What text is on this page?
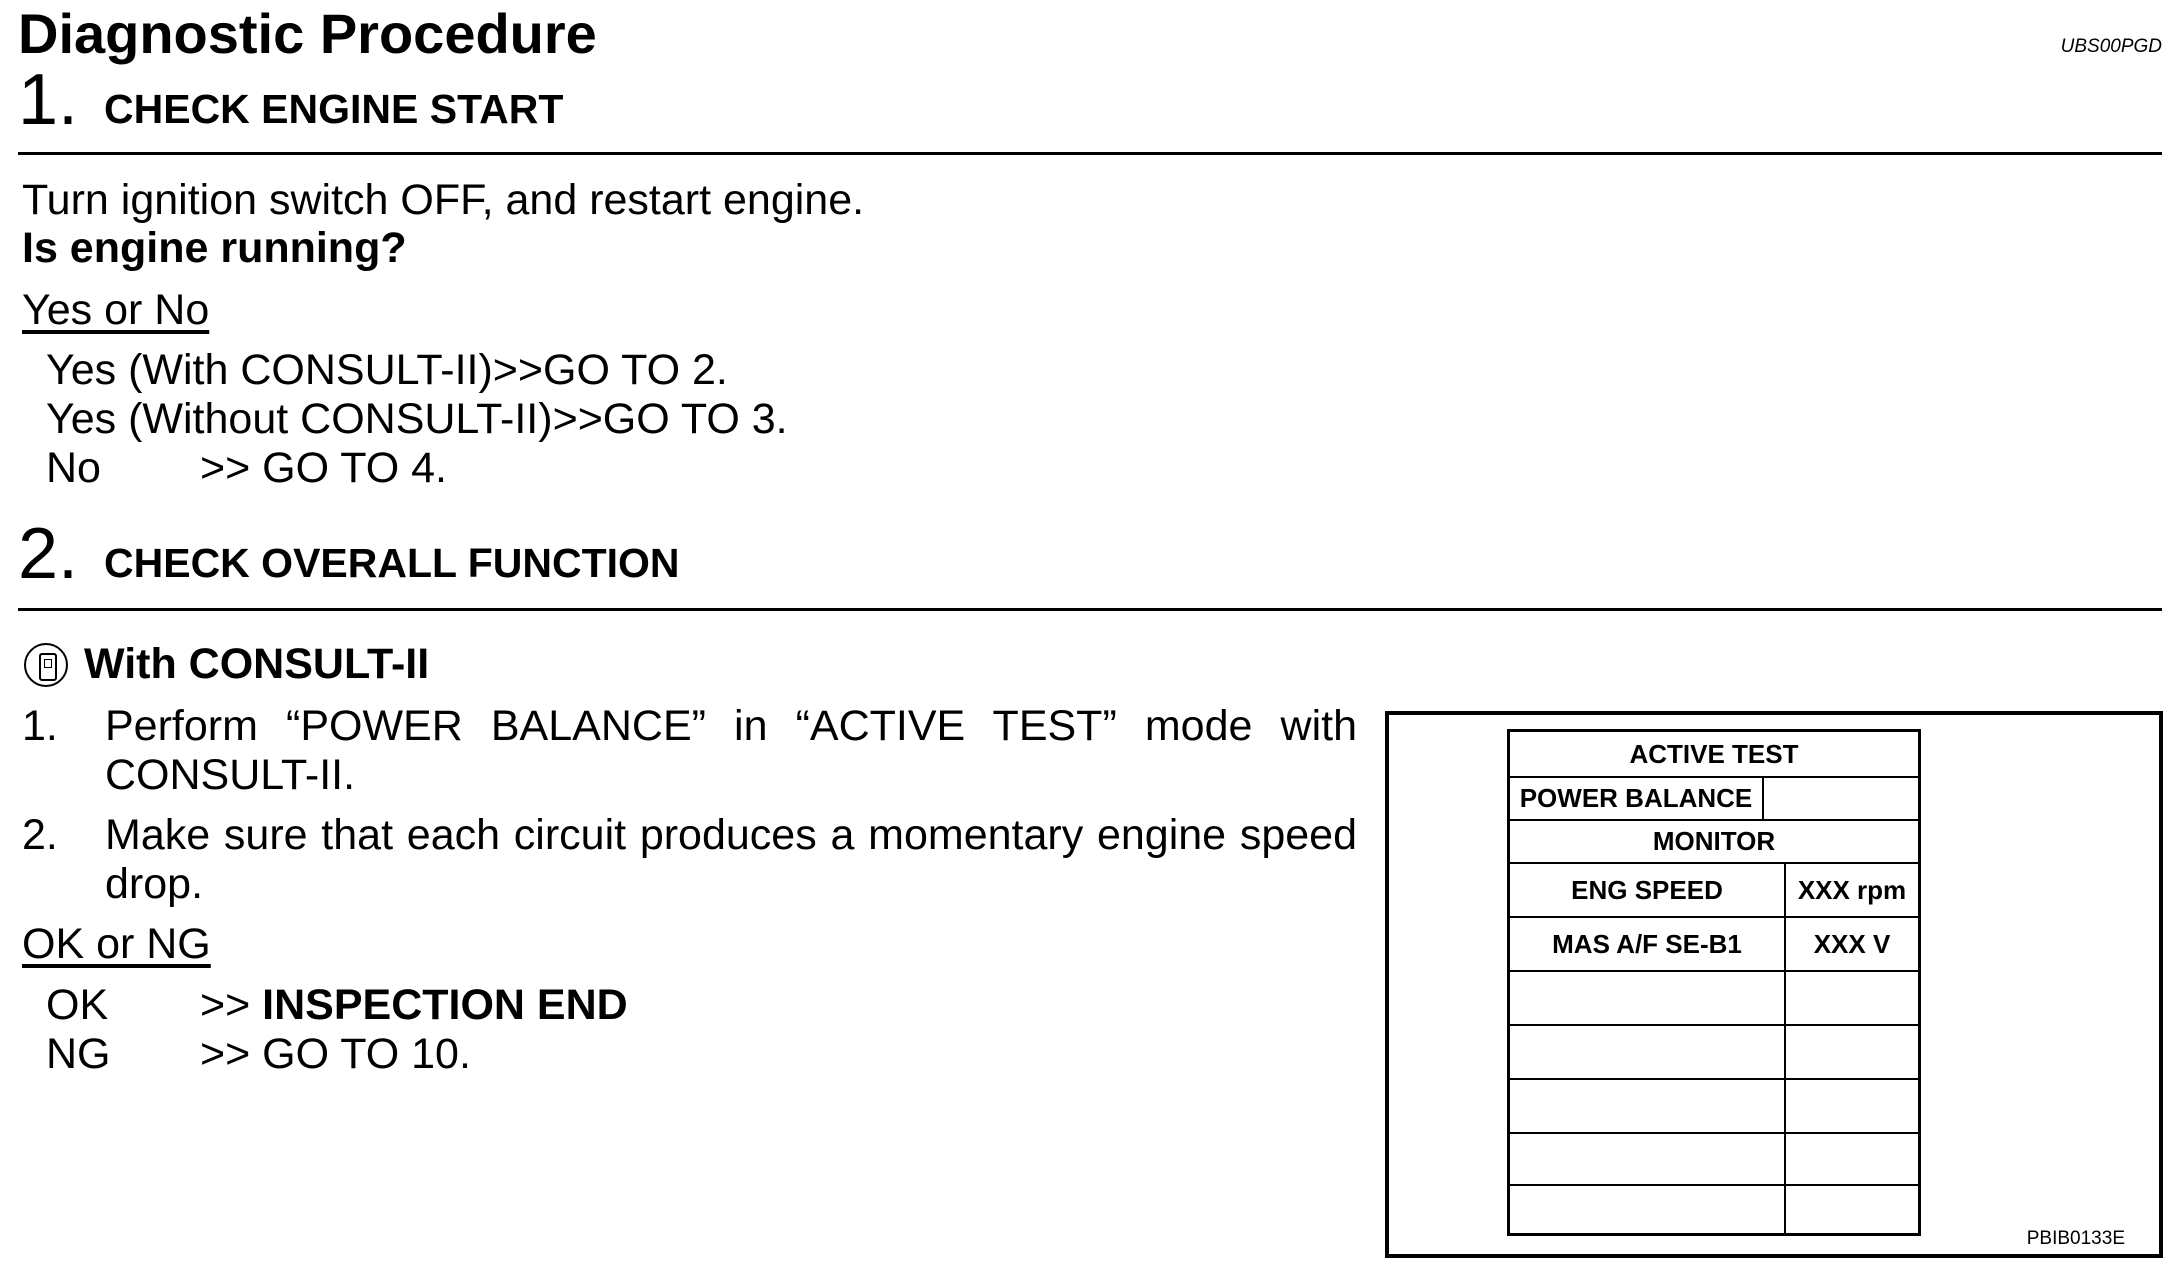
Diagnostic Procedure	UBS00PGD
1. CHECK ENGINE START
Turn ignition switch OFF, and restart engine.
Is engine running?
Yes or No
Yes (With CONSULT-II)>>GO TO 2.
Yes (Without CONSULT-II)>>GO TO 3.
No >> GO TO 4.
2. CHECK OVERALL FUNCTION
With CONSULT-II
1. Perform “POWER BALANCE” in “ACTIVE TEST” mode with CONSULT-II.
2. Make sure that each circuit produces a momentary engine speed drop.
OK or NG
OK >> INSPECTION END
NG >> GO TO 10.
ACTIVE TEST
POWER BALANCE
MONITOR
ENG SPEED	XXX rpm
MAS A/F SE-B1	XXX V
PBIB0133E
